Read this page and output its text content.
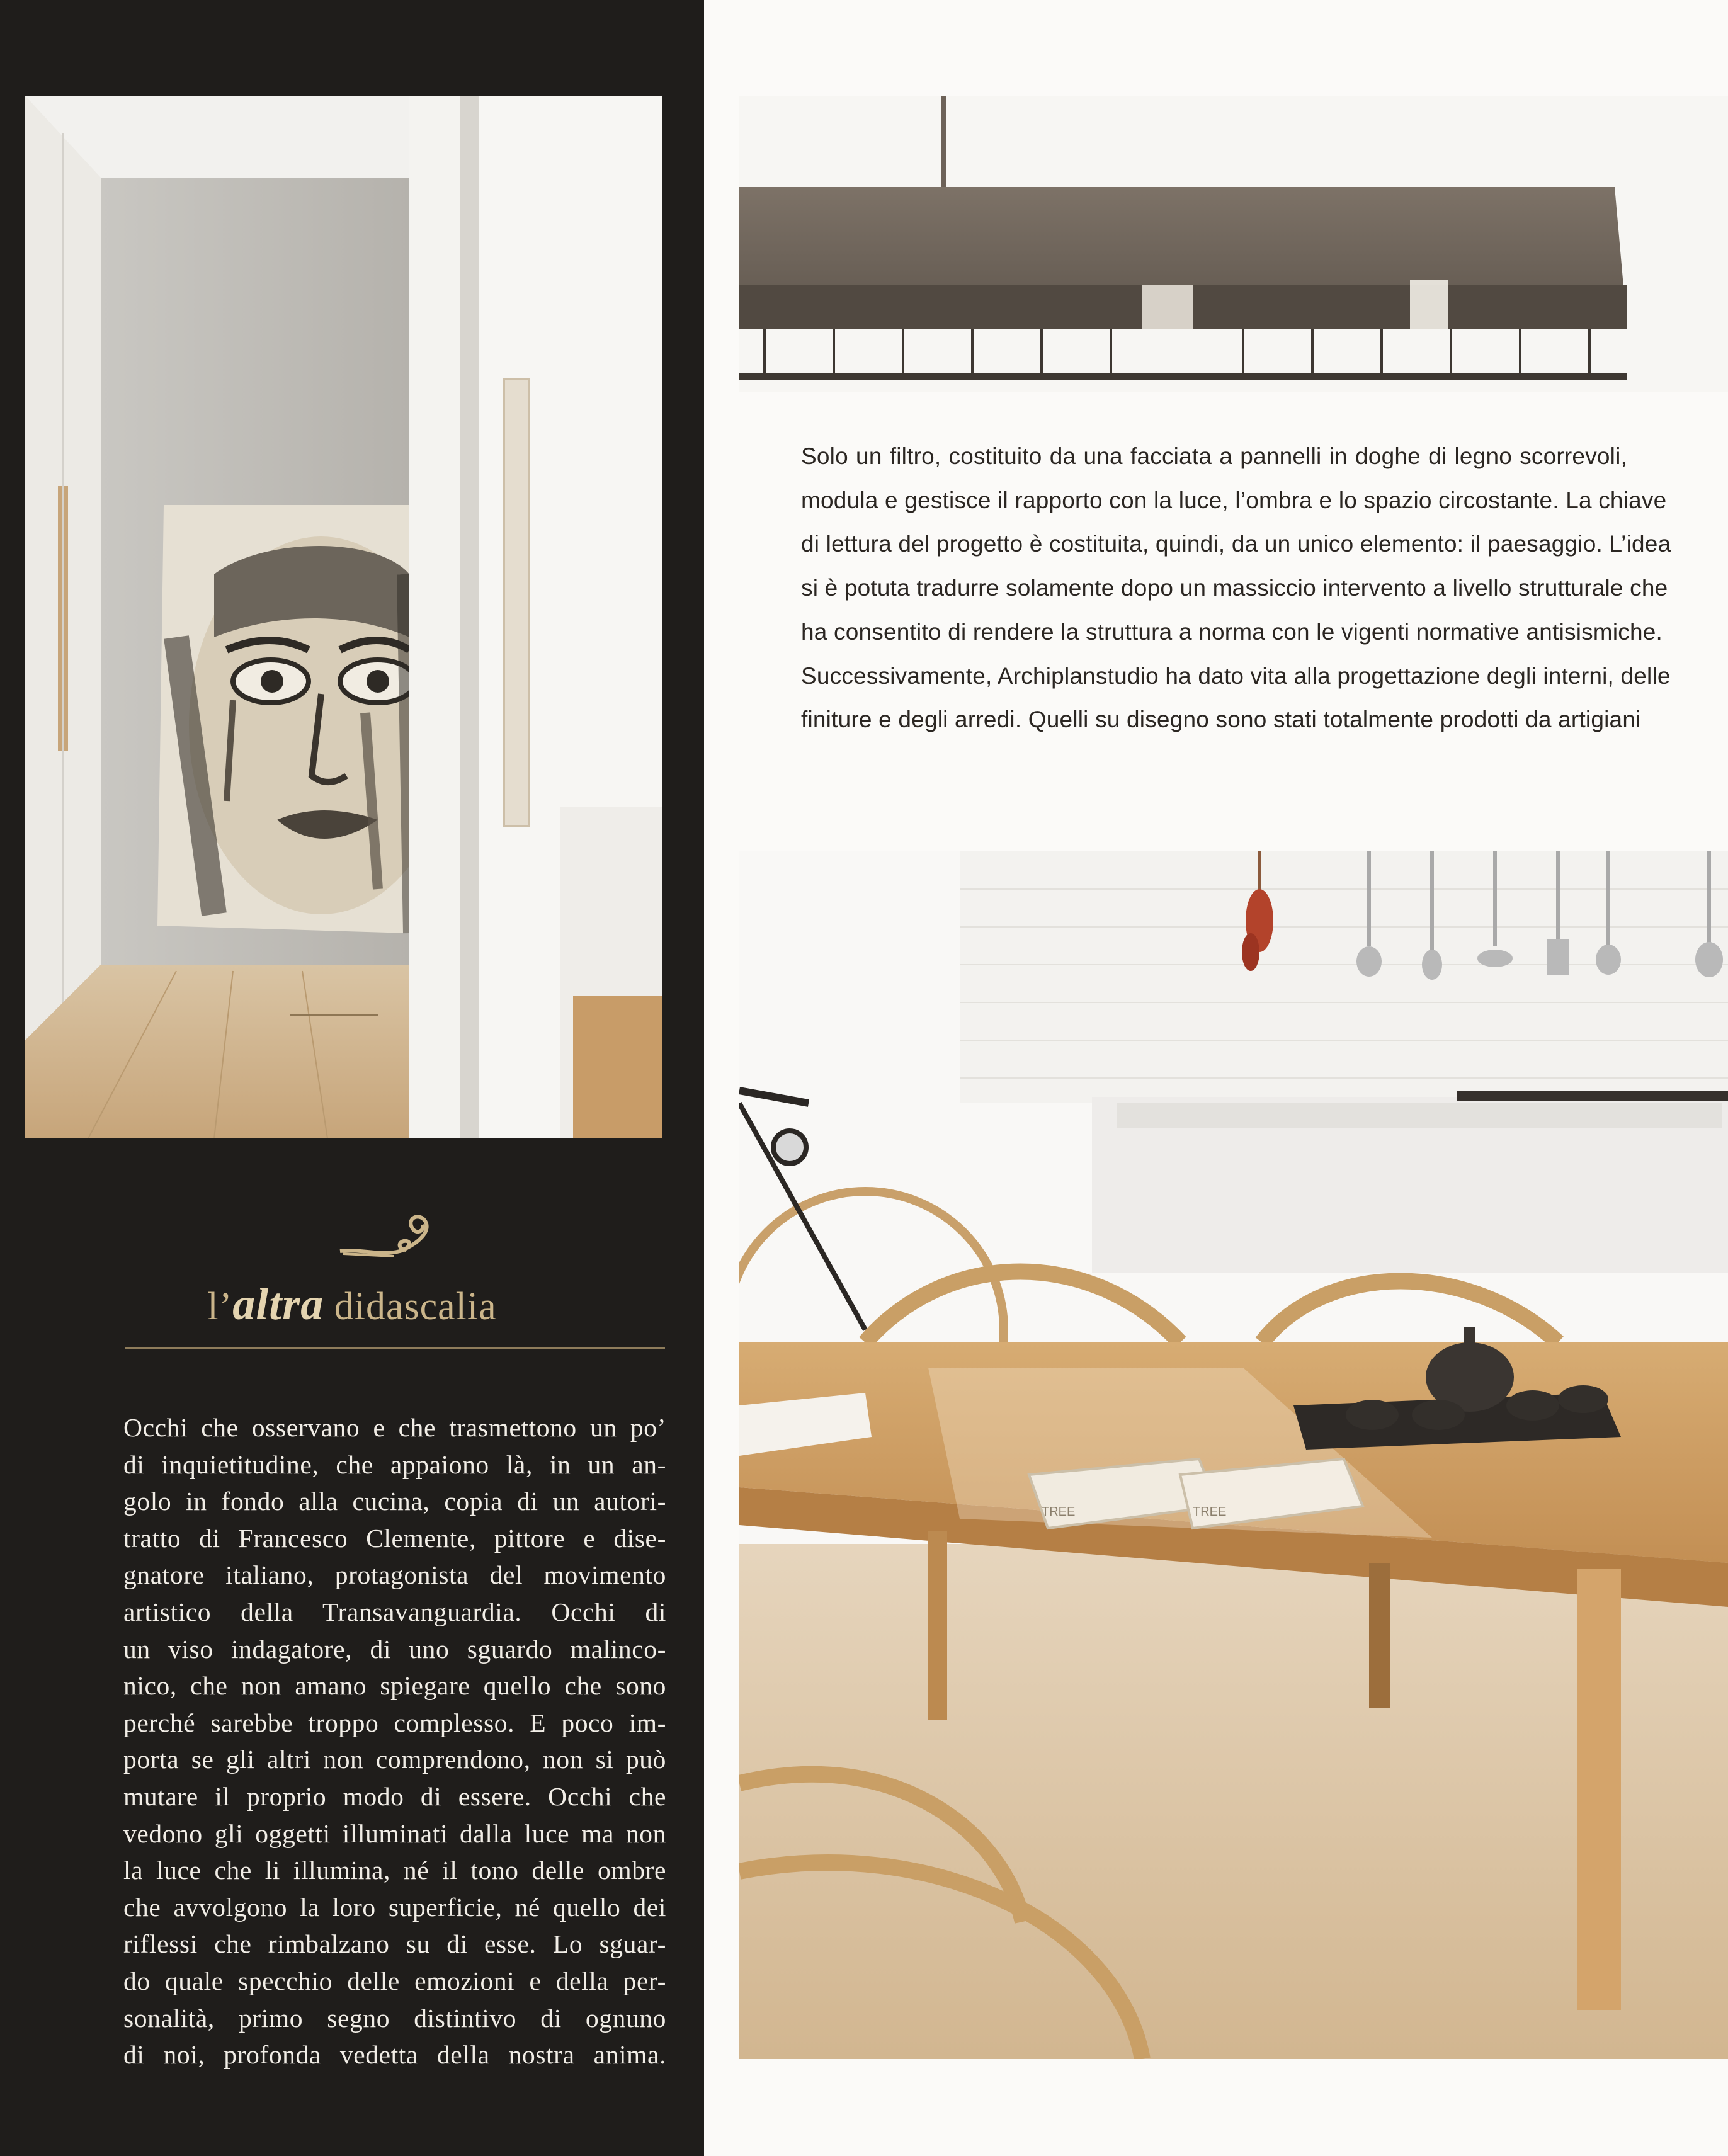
l’altra didascalia
Occhi che osservano e che trasmettono un po’
di inquietitudine, che appaiono là, in un an-
golo in fondo alla cucina, copia di un autori-
tratto di Francesco Clemente, pittore e dise-
gnatore italiano, protagonista del movimento
artistico della Transavanguardia. Occhi di
un viso indagatore, di uno sguardo malinco-
nico, che non amano spiegare quello che sono
perché sarebbe troppo complesso. E poco im-
porta se gli altri non comprendono, non si può
mutare il proprio modo di essere. Occhi che
vedono gli oggetti illuminati dalla luce ma non
la luce che li illumina, né il tono delle ombre
che avvolgono la loro superficie, né quello dei
riflessi che rimbalzano su di esse. Lo sguar-
do quale specchio delle emozioni e della per-
sonalità, primo segno distintivo di ognuno
di noi, profonda vedetta della nostra anima.
Solo un filtro, costituito da una facciata a pannelli in doghe di legno scorrevoli,
modula e gestisce il rapporto con la luce, l’ombra e lo spazio circostante. La chiave
di lettura del progetto è costituita, quindi, da un unico elemento: il paesaggio. L’idea
si è potuta tradurre solamente dopo un massiccio intervento a livello strutturale che
ha consentito di rendere la struttura a norma con le vigenti normative antisismiche.
Successivamente, Archiplanstudio ha dato vita alla progettazione degli interni, delle
finiture e degli arredi. Quelli su disegno sono stati totalmente prodotti da artigiani
TREE	TREE
